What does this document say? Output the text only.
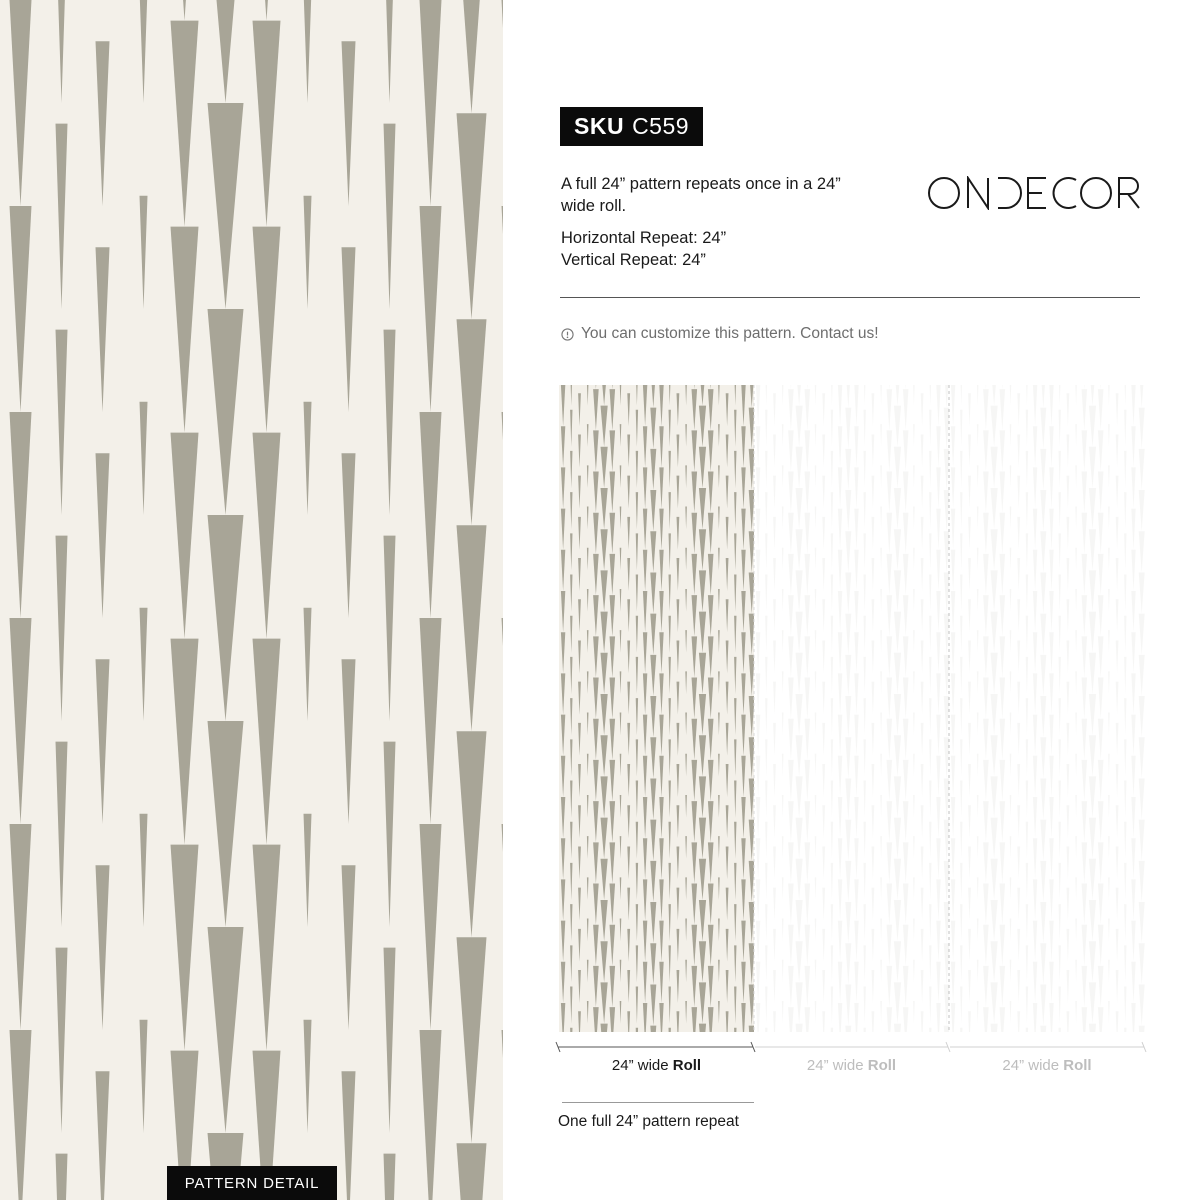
PATTERN DETAIL
SKU C559
A full 24” pattern repeats once in a 24” wide roll.
Horizontal Repeat: 24”
Vertical Repeat: 24”
You can customize this pattern. Contact us!
24” wide Roll	24” wide Roll	24” wide Roll
One full 24” pattern repeat
